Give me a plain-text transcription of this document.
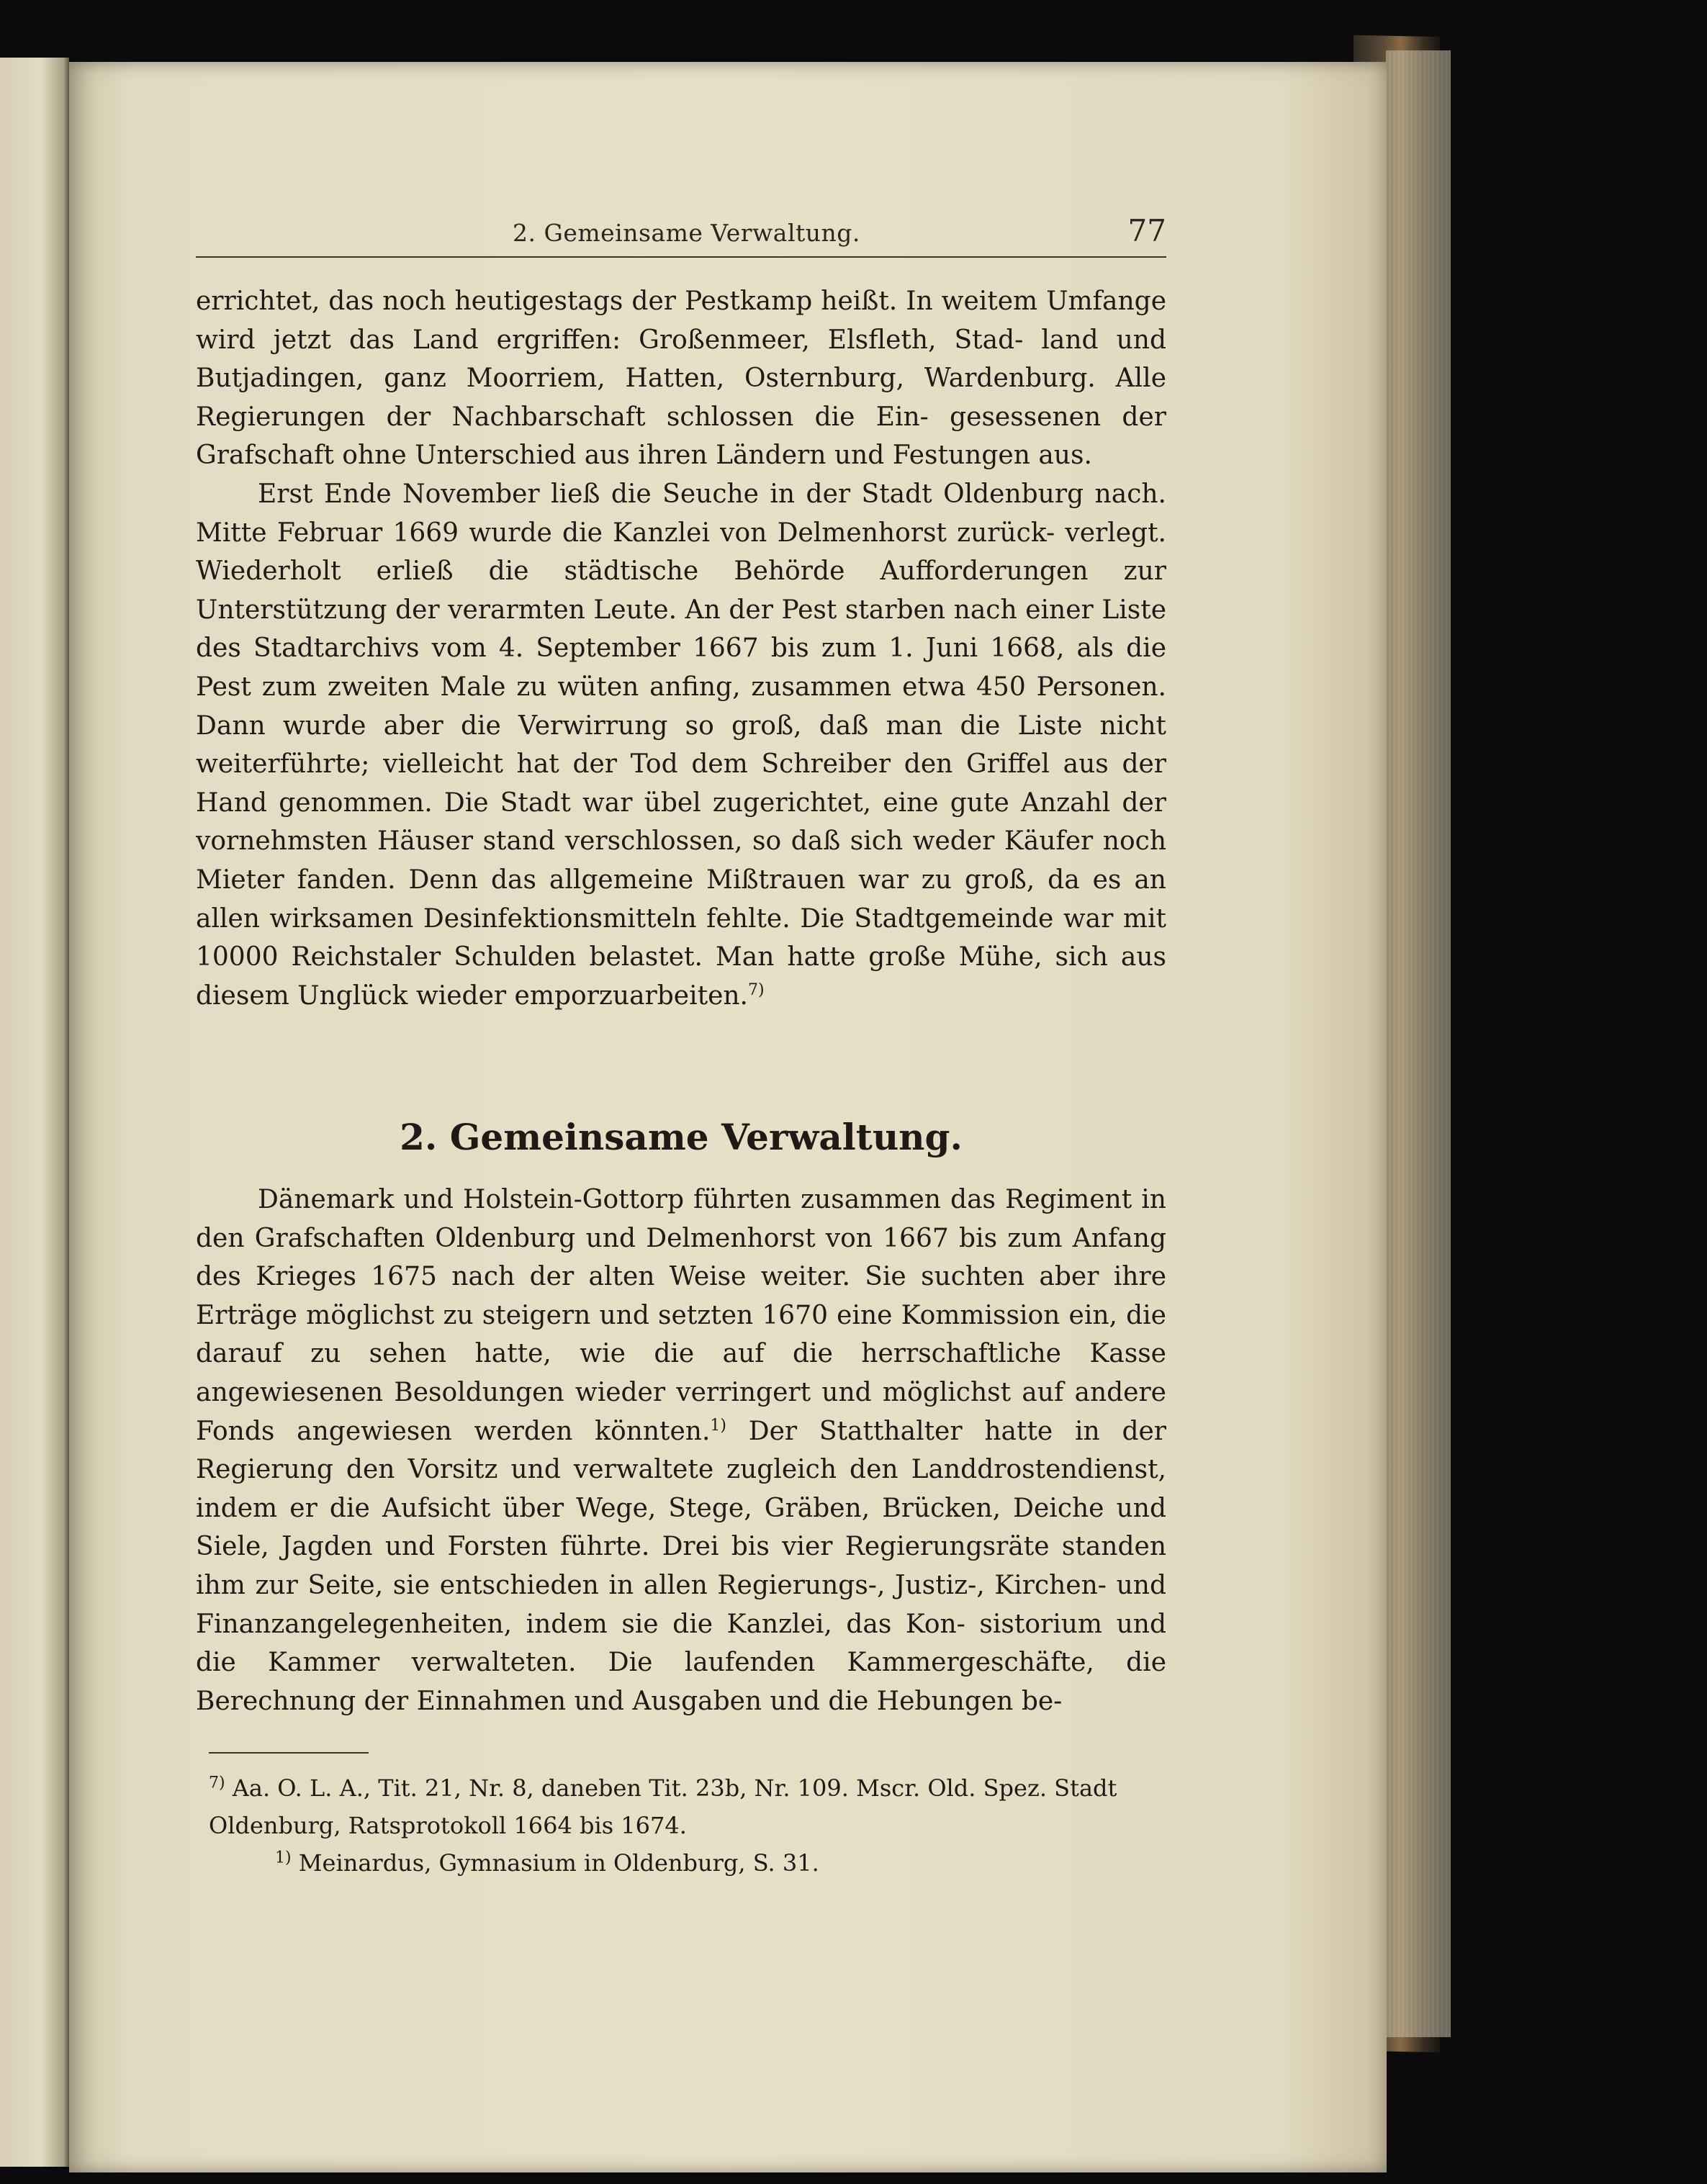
2. Gemeinsame Verwaltung.	77

errichtet, das noch heutigestags der Pestkamp heißt. In weitem Umfange wird jetzt das Land ergriffen: Großenmeer, Elsfleth, Stad- land und Butjadingen, ganz Moorriem, Hatten, Osternburg, Wardenburg. Alle Regierungen der Nachbarschaft schlossen die Ein- gesessenen der Grafschaft ohne Unterschied aus ihren Ländern und Festungen aus.

Erst Ende November ließ die Seuche in der Stadt Oldenburg nach. Mitte Februar 1669 wurde die Kanzlei von Delmenhorst zurück- verlegt. Wiederholt erließ die städtische Behörde Aufforderungen zur Unterstützung der verarmten Leute. An der Pest starben nach einer Liste des Stadtarchivs vom 4. September 1667 bis zum 1. Juni 1668, als die Pest zum zweiten Male zu wüten anfing, zusammen etwa 450 Personen. Dann wurde aber die Verwirrung so groß, daß man die Liste nicht weiterführte; vielleicht hat der Tod dem Schreiber den Griffel aus der Hand genommen. Die Stadt war übel zugerichtet, eine gute Anzahl der vornehmsten Häuser stand verschlossen, so daß sich weder Käufer noch Mieter fanden. Denn das allgemeine Mißtrauen war zu groß, da es an allen wirksamen Desinfektionsmitteln fehlte. Die Stadtgemeinde war mit 10000 Reichstaler Schulden belastet. Man hatte große Mühe, sich aus diesem Unglück wieder emporzuarbeiten.$^{7)}$

2. Gemeinsame Verwaltung.

Dänemark und Holstein-Gottorp führten zusammen das Regiment in den Grafschaften Oldenburg und Delmenhorst von 1667 bis zum Anfang des Krieges 1675 nach der alten Weise weiter. Sie suchten aber ihre Erträge möglichst zu steigern und setzten 1670 eine Kommission ein, die darauf zu sehen hatte, wie die auf die herrschaftliche Kasse angewiesenen Besoldungen wieder verringert und möglichst auf andere Fonds angewiesen werden könnten.$^{1)}$ Der Statthalter hatte in der Regierung den Vorsitz und verwaltete zugleich den Landdrostendienst, indem er die Aufsicht über Wege, Stege, Gräben, Brücken, Deiche und Siele, Jagden und Forsten führte. Drei bis vier Regierungsräte standen ihm zur Seite, sie entschieden in allen Regierungs-, Justiz-, Kirchen- und Finanzangelegenheiten, indem sie die Kanzlei, das Kon- sistorium und die Kammer verwalteten. Die laufenden Kammergeschäfte, die Berechnung der Einnahmen und Ausgaben und die Hebungen be-

$^{7)}$ Aa. O. L. A., Tit. 21, Nr. 8, daneben Tit. 23b, Nr. 109. Mscr. Old. Spez. Stadt Oldenburg, Ratsprotokoll 1664 bis 1674.

$^{1)}$ Meinardus, Gymnasium in Oldenburg, S. 31.
